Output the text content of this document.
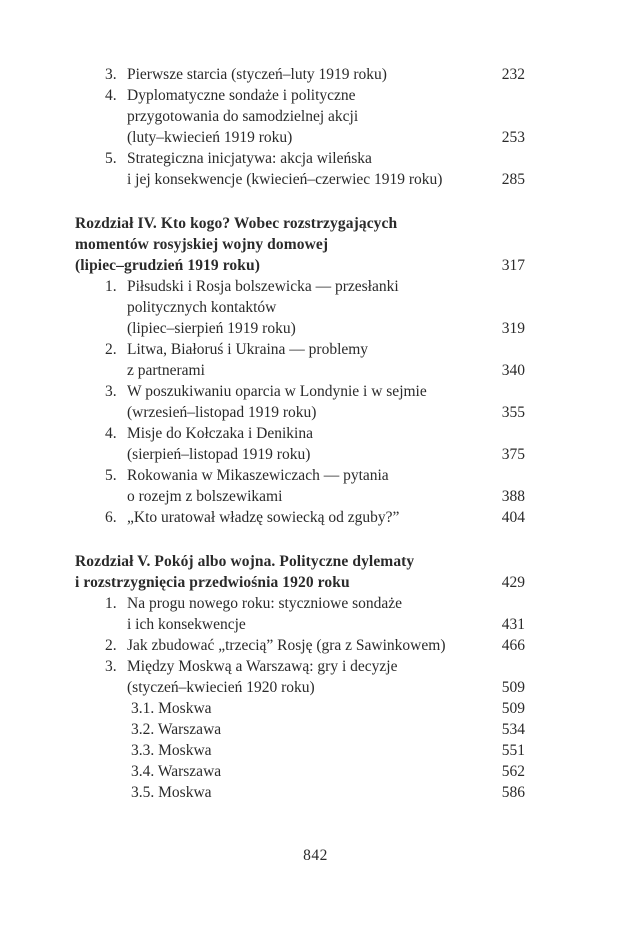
3. Pierwsze starcia (styczeń–luty 1919 roku)	232
4. Dyplomatyczne sondaże i polityczne
przygotowania do samodzielnej akcji
(luty–kwiecień 1919 roku)	253
5. Strategiczna inicjatywa: akcja wileńska
i jej konsekwencje (kwiecień–czerwiec 1919 roku)	285
Rozdział IV. Kto kogo? Wobec rozstrzygających
momentów rosyjskiej wojny domowej
(lipiec–grudzień 1919 roku)	317
1. Piłsudski i Rosja bolszewicka — przesłanki
politycznych kontaktów
(lipiec–sierpień 1919 roku)	319
2. Litwa, Białoruś i Ukraina — problemy
z partnerami	340
3. W poszukiwaniu oparcia w Londynie i w sejmie
(wrzesień–listopad 1919 roku)	355
4. Misje do Kołczaka i Denikina
(sierpień–listopad 1919 roku)	375
5. Rokowania w Mikaszewiczach — pytania
o rozejm z bolszewikami	388
6. „Kto uratował władzę sowiecką od zguby?”	404
Rozdział V. Pokój albo wojna. Polityczne dylematy
i rozstrzygnięcia przedwiośnia 1920 roku	429
1. Na progu nowego roku: styczniowe sondaże
i ich konsekwencje	431
2. Jak zbudować „trzecią” Rosję (gra z Sawinkowem)	466
3. Między Moskwą a Warszawą: gry i decyzje
(styczeń–kwiecień 1920 roku)	509
3.1. Moskwa	509
3.2. Warszawa	534
3.3. Moskwa	551
3.4. Warszawa	562
3.5. Moskwa	586
842
